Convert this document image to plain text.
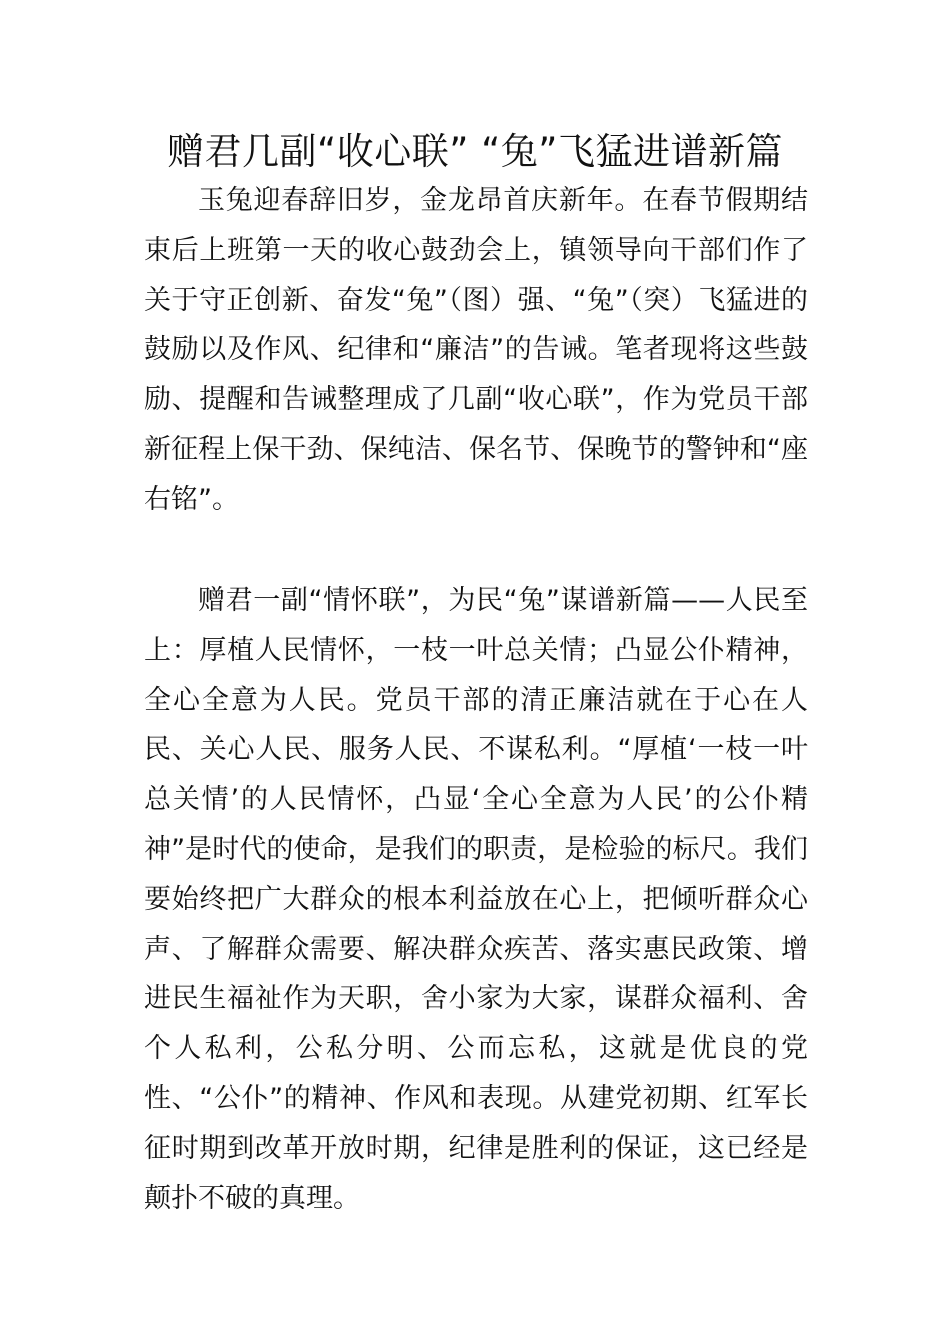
赠君几副“收心联” “兔”飞猛进谱新篇

玉兔迎春辞旧岁，金龙昂首庆新年。在春节假期结束后上班第一天的收心鼓劲会上，镇领导向干部们作了关于守正创新、奋发“兔”（图）强、“兔”（突）飞猛进的鼓励以及作风、纪律和“廉洁”的告诫。笔者现将这些鼓励、提醒和告诫整理成了几副“收心联”，作为党员干部新征程上保干劲、保纯洁、保名节、保晚节的警钟和“座右铭”。

赠君一副“情怀联”，为民“兔”谋谱新篇——人民至上：厚植人民情怀，一枝一叶总关情；凸显公仆精神，全心全意为人民。党员干部的清正廉洁就在于心在人民、关心人民、服务人民、不谋私利。“厚植‘一枝一叶总关情’的人民情怀，凸显‘全心全意为人民’的公仆精神”是时代的使命，是我们的职责，是检验的标尺。我们要始终把广大群众的根本利益放在心上，把倾听群众心声、了解群众需要、解决群众疾苦、落实惠民政策、增进民生福祉作为天职，舍小家为大家，谋群众福利、舍个人私利，公私分明、公而忘私，这就是优良的党性、“公仆”的精神、作风和表现。从建党初期、红军长征时期到改革开放时期，纪律是胜利的保证，这已经是颠扑不破的真理。
